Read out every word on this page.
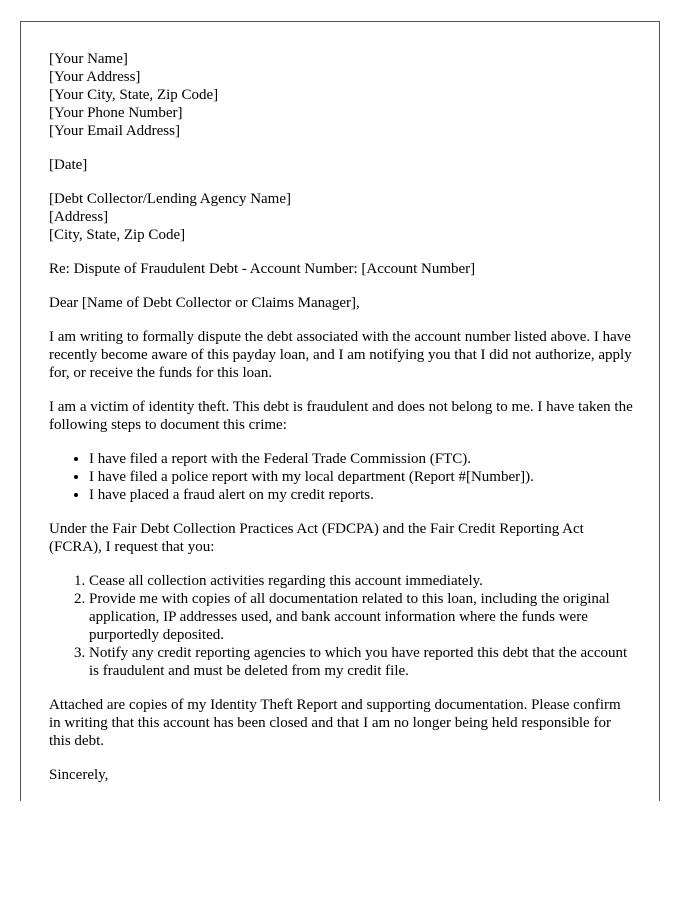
[Your Name]
[Your Address]
[Your City, State, Zip Code]
[Your Phone Number]
[Your Email Address]

[Date]

[Debt Collector/Lending Agency Name]
[Address]
[City, State, Zip Code]

Re: Dispute of Fraudulent Debt - Account Number: [Account Number]

Dear [Name of Debt Collector or Claims Manager],

I am writing to formally dispute the debt associated with the account number listed above. I have recently become aware of this payday loan, and I am notifying you that I did not authorize, apply for, or receive the funds for this loan.

I am a victim of identity theft. This debt is fraudulent and does not belong to me. I have taken the following steps to document this crime:

• I have filed a report with the Federal Trade Commission (FTC).
• I have filed a police report with my local department (Report #[Number]).
• I have placed a fraud alert on my credit reports.

Under the Fair Debt Collection Practices Act (FDCPA) and the Fair Credit Reporting Act (FCRA), I request that you:

1. Cease all collection activities regarding this account immediately.
2. Provide me with copies of all documentation related to this loan, including the original application, IP addresses used, and bank account information where the funds were purportedly deposited.
3. Notify any credit reporting agencies to which you have reported this debt that the account is fraudulent and must be deleted from my credit file.

Attached are copies of my Identity Theft Report and supporting documentation. Please confirm in writing that this account has been closed and that I am no longer being held responsible for this debt.

Sincerely,
